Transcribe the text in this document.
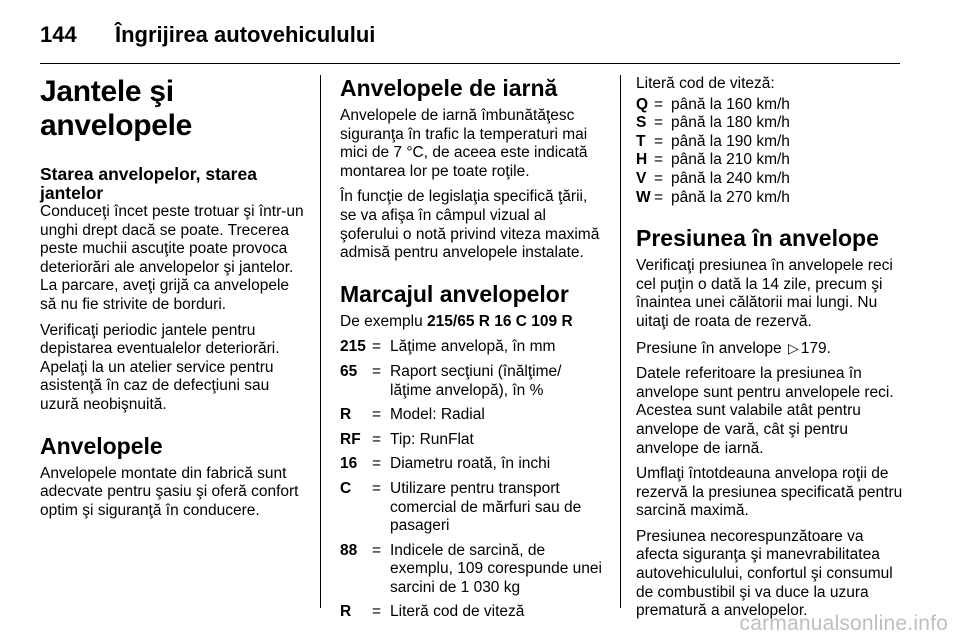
144 Îngrijirea autovehiculului
Jantele şi anvelopele
Starea anvelopelor, starea jantelor

Conduceţi încet peste trotuar şi într-un unghi drept dacă se poate. Trecerea peste muchii ascuţite poate provoca deteriorări ale anvelopelor şi jantelor. La parcare, aveţi grijă ca anvelopele să nu fie strivite de borduri.

Verificaţi periodic jantele pentru depistarea eventualelor deteriorări. Apelaţi la un atelier service pentru asistenţă în caz de defecţiuni sau uzură neobişnuită.

Anvelopele

Anvelopele montate din fabrică sunt adecvate pentru şasiu şi oferă confort optim şi siguranţă în conducere.

Anvelopele de iarnă

Anvelopele de iarnă îmbunătăţesc siguranţa în trafic la temperaturi mai mici de 7 °C, de aceea este indicată montarea lor pe toate roţile.

În funcţie de legislaţia specifică ţării, se va afişa în câmpul vizual al şoferului o notă privind viteza maximă admisă pentru anvelopele instalate.

Marcajul anvelopelor

De exemplu 215/65 R 16 C 109 R

215 = Lăţime anvelopă, în mm
65 = Raport secţiuni (înălţime/ lăţime anvelopă), în %
R	= Model: Radial
RF = Tip: RunFlat
16 = Diametru roată, în inchi
C	= Utilizare pentru transport comercial de mărfuri sau de pasageri
88 = Indicele de sarcină, de exemplu, 109 corespunde unei sarcini de 1 030 kg
R	= Literă cod de viteză

Literă cod de viteză:

Q = până la 160 km/h
S = până la 180 km/h
T = până la 190 km/h
H = până la 210 km/h
V = până la 240 km/h
W = până la 270 km/h
Presiunea în anvelope

Verificaţi presiunea în anvelopele reci cel puţin o dată la 14 zile, precum şi înaintea unei călătorii mai lungi. Nu uitaţi de roata de rezervă.

Presiune în anvelope ▷ 179.

Datele referitoare la presiunea în anvelope sunt pentru anvelopele reci. Acestea sunt valabile atât pentru anvelope de vară, cât şi pentru anvelope de iarnă.

Umflaţi întotdeauna anvelopa roţii de rezervă la presiunea specificată pentru sarcină maximă.

Presiunea necorespunzătoare va afecta siguranţa şi manevrabilitatea autovehiculului, confortul şi consumul de combustibil şi va duce la uzura prematură a anvelopelor.

carmanualsonline.info
